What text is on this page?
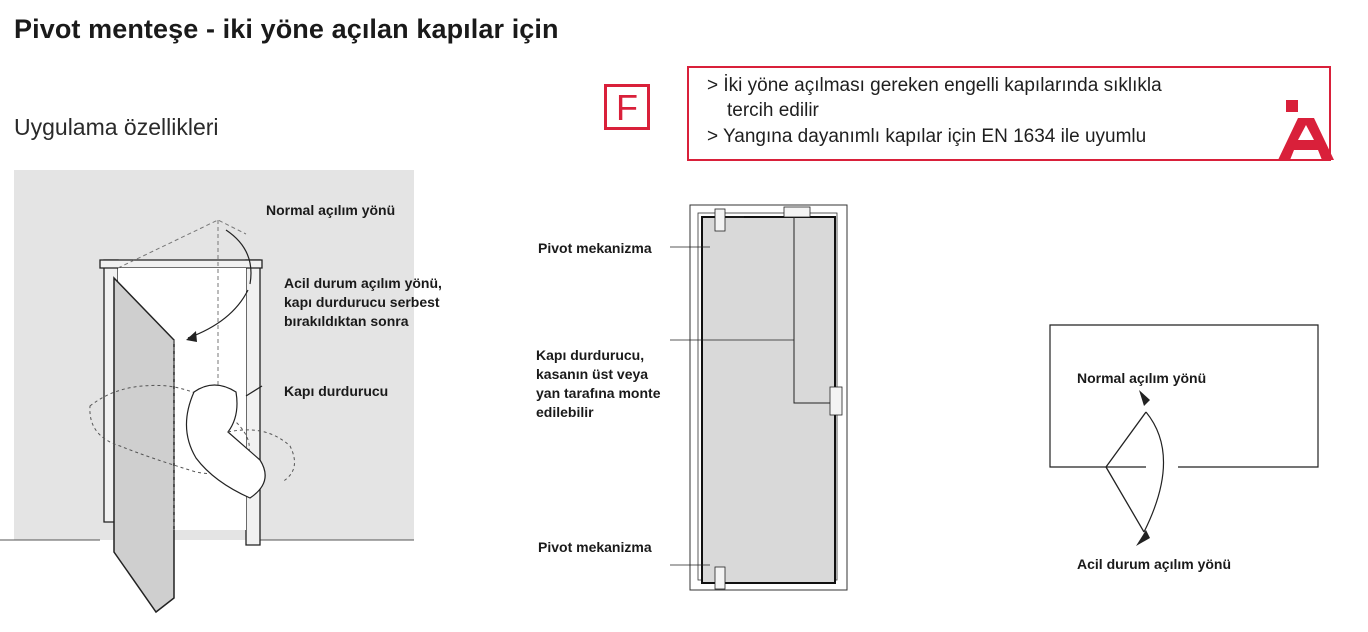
Pivot menteşe - iki yöne açılan kapılar için
Uygulama özellikleri	F
> İki yöne açılması gereken engelli kapılarında sıklıkla
tercih edilir
> Yangına dayanımlı kapılar için EN 1634 ile uyumlu
Normal açılım yönü
Acil durum açılım yönü,
kapı durdurucu serbest
bırakıldıktan sonra
Kapı durdurucu
Pivot mekanizma
Kapı durdurucu,
kasanın üst veya
yan tarafına monte
edilebilir
Pivot mekanizma
Normal açılım yönü
Acil durum açılım yönü
